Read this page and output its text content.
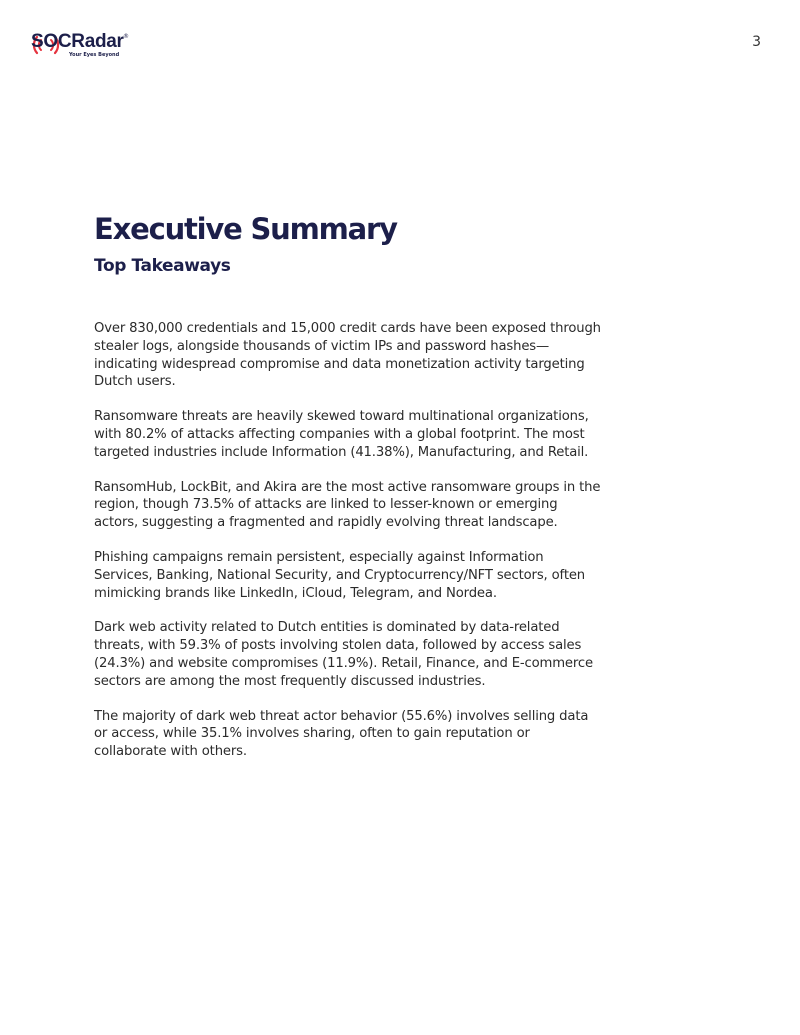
SOCRadar ®
Your Eyes Beyond
3
Executive Summary
Top Takeaways

Over 830,000 credentials and 15,000 credit cards have been exposed through stealer logs, alongside thousands of victim IPs and password hashes—indicating widespread compromise and data monetization activity targeting Dutch users.

Ransomware threats are heavily skewed toward multinational organizations, with 80.2% of attacks affecting companies with a global footprint. The most targeted industries include Information (41.38%), Manufacturing, and Retail.

RansomHub, LockBit, and Akira are the most active ransomware groups in the region, though 73.5% of attacks are linked to lesser-known or emerging actors, suggesting a fragmented and rapidly evolving threat landscape.

Phishing campaigns remain persistent, especially against Information Services, Banking, National Security, and Cryptocurrency/NFT sectors, often mimicking brands like LinkedIn, iCloud, Telegram, and Nordea.

Dark web activity related to Dutch entities is dominated by data-related threats, with 59.3% of posts involving stolen data, followed by access sales (24.3%) and website compromises (11.9%). Retail, Finance, and E-commerce sectors are among the most frequently discussed industries.

The majority of dark web threat actor behavior (55.6%) involves selling data or access, while 35.1% involves sharing, often to gain reputation or collaborate with others.
